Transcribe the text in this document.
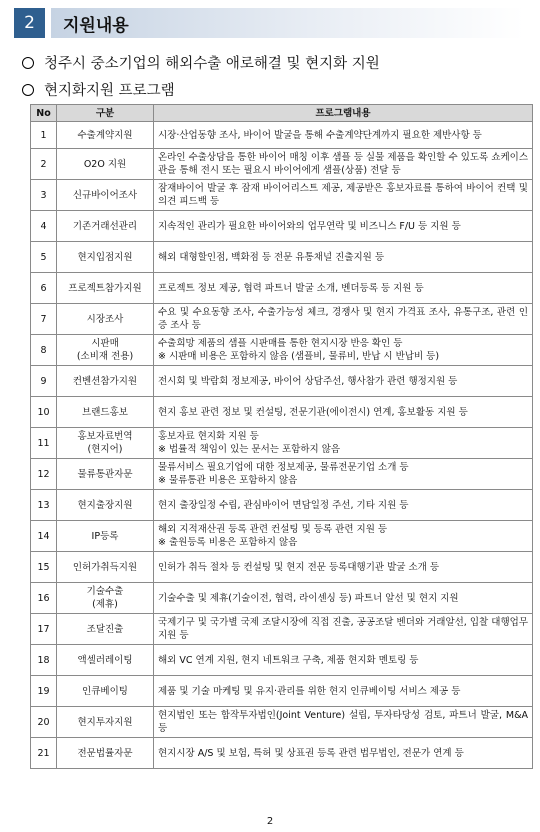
2	지원내용
청주시 중소기업의 해외수출 애로해결 및 현지화 지원
현지화지원 프로그램
No	구분	프로그램내용
1	수출계약지원	시장·산업동향 조사, 바이어 발굴을 통해 수출계약단계까지 필요한 제반사항 등

2	O2O 지원	온라인 수출상담을 통한 바이어 매칭 이후 샘플 등 실물 제품을 확인할 수 있도록 쇼케이스관을 통해 전시 또는 필요시 바이어에게 샘플(상품) 전달 등

3	신규바이어조사	잠재바이어 발굴 후 잠재 바이어리스트 제공, 제공받은 홍보자료를 통하여 바이어 컨택 및 의견 피드백 등

4	기존거래선관리	지속적인 관리가 필요한 바이어와의 업무연락 및 비즈니스 F/U 등 지원 등

5	현지입점지원	해외 대형할인점, 백화점 등 전문 유통채널 진출지원 등

6	프로젝트참가지원	프로젝트 정보 제공, 협력 파트너 발굴 소개, 벤더등록 등 지원 등

7	시장조사	수요 및 수요동향 조사, 수출가능성 체크, 경쟁사 및 현지 가격표 조사, 유통구조, 관련 인증 조사 등

8	시판매
(소비재 전용)	수출희망 제품의 샘플 시판매를 통한 현지시장 반응 확인 등
※ 시판매 비용은 포함하지 않음 (샘플비, 물류비, 반납 시 반납비 등)

9	컨벤션참가지원	전시회 및 박람회 정보제공, 바이어 상담주선, 행사참가 관련 행정지원 등

10	브랜드홍보	현지 홍보 관련 정보 및 컨설팅, 전문기관(에이전시) 연계, 홍보활동 지원 등

11	홍보자료번역
(현지어)	홍보자료 현지화 지원 등
※ 법률적 책임이 있는 문서는 포함하지 않음

12	물류통관자문	물류서비스 필요기업에 대한 정보제공, 물류전문기업 소개 등
※ 물류통관 비용은 포함하지 않음

13	현지출장지원	현지 출장일정 수립, 관심바이어 면담일정 주선, 기타 지원 등

14	IP등록	해외 지적재산권 등록 관련 컨설팅 및 등록 관련 지원 등
※ 출원등록 비용은 포함하지 않음

15	인허가취득지원	인허가 취득 절차 등 컨설팅 및 현지 전문 등록대행기관 발굴 소개 등

16	기술수출
(제휴)	기술수출 및 제휴(기술이전, 협력, 라이센싱 등) 파트너 알선 및 현지 지원

17	조달진출	국제기구 및 국가별 국제 조달시장에 직접 진출, 공공조달 벤더와 거래알선, 입찰 대행업무 지원 등

18	액셀러레이팅	해외 VC 연계 지원, 현지 네트워크 구축, 제품 현지화 멘토링 등

19	인큐베이팅	제품 및 기술 마케팅 및 유지·관리를 위한 현지 인큐베이팅 서비스 제공 등

20	현지투자지원	현지법인 또는 합작투자법인(Joint Venture) 설립, 투자타당성 검토, 파트너 발굴, M&A 등

21	전문법률자문	현지시장 A/S 및 보험, 특허 및 상표권 등록 관련 법무법인, 전문가 연계 등
2
